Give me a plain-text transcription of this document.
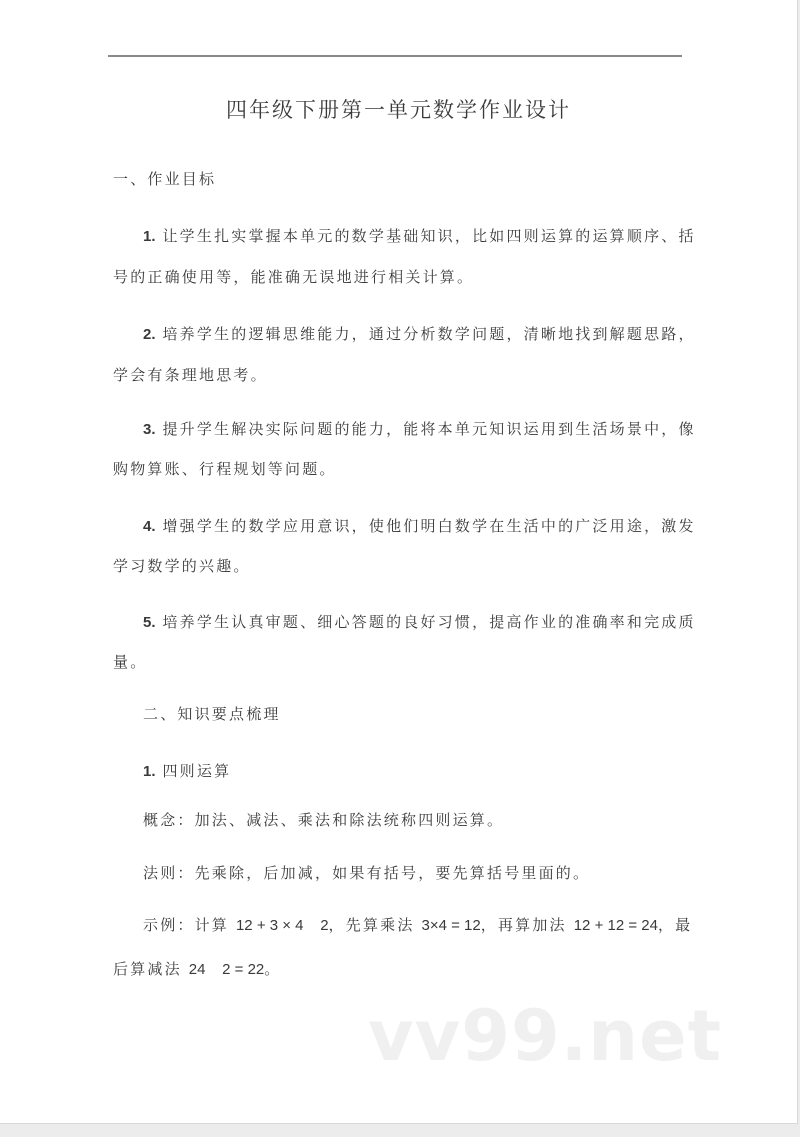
四年级下册第一单元数学作业设计
一、作业目标
1. 让学生扎实掌握本单元的数学基础知识，比如四则运算的运算顺序、括
号的正确使用等，能准确无误地进行相关计算。
2. 培养学生的逻辑思维能力，通过分析数学问题，清晰地找到解题思路，
学会有条理地思考。
3. 提升学生解决实际问题的能力，能将本单元知识运用到生活场景中，像
购物算账、行程规划等问题。
4. 增强学生的数学应用意识，使他们明白数学在生活中的广泛用途，激发
学习数学的兴趣。
5. 培养学生认真审题、细心答题的良好习惯，提高作业的准确率和完成质
量。
二、知识要点梳理
1. 四则运算
概念：加法、减法、乘法和除法统称四则运算。
法则：先乘除，后加减，如果有括号，要先算括号里面的。
示例：计算 12 + 3 × 4    2，先算乘法 3×4 = 12，再算加法 12 + 12 = 24，最
后算减法 24    2 = 22。
vv99.net
